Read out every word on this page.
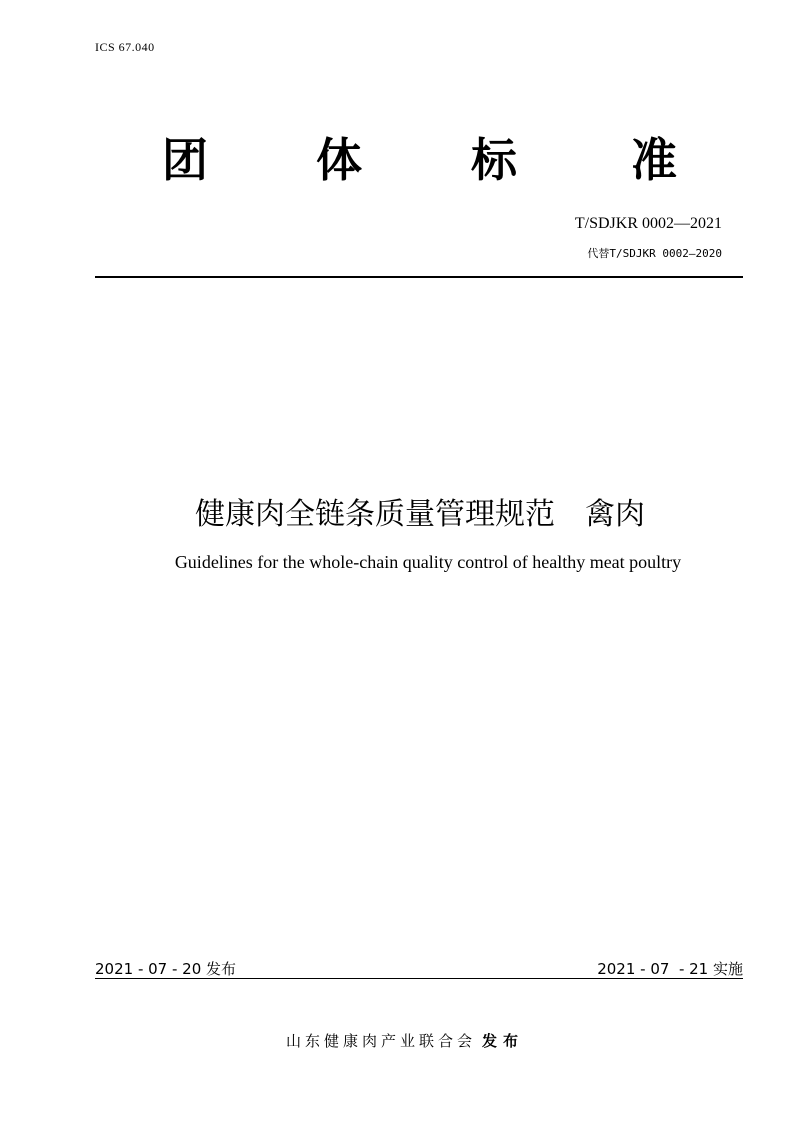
ICS 67.040
团 体 标 准
T/SDJKR 0002—2021
代替T/SDJKR 0002—2020
健康肉全链条质量管理规范 禽肉
Guidelines for the whole-chain quality control of healthy meat poultry
2021 - 07 - 20 发布	2021 - 07  - 21 实施
山东健康肉产业联合会 发布
